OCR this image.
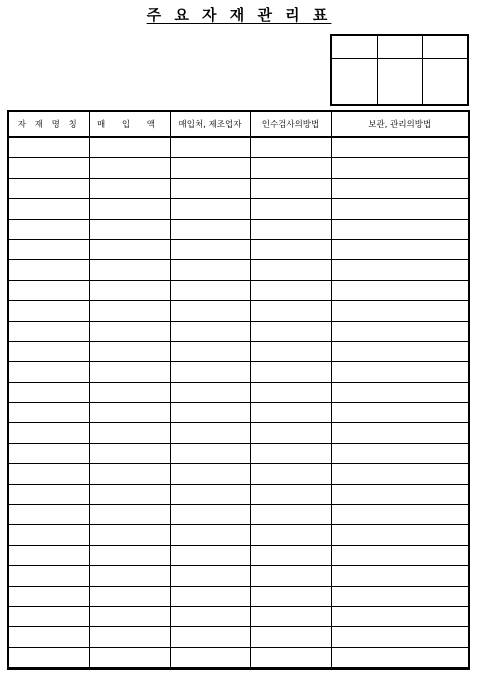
주 요 자 재 관 리 표

자 재 명 칭	매 입 액	매입처, 제조업자	인수검사의방법	보관, 관리의방법
